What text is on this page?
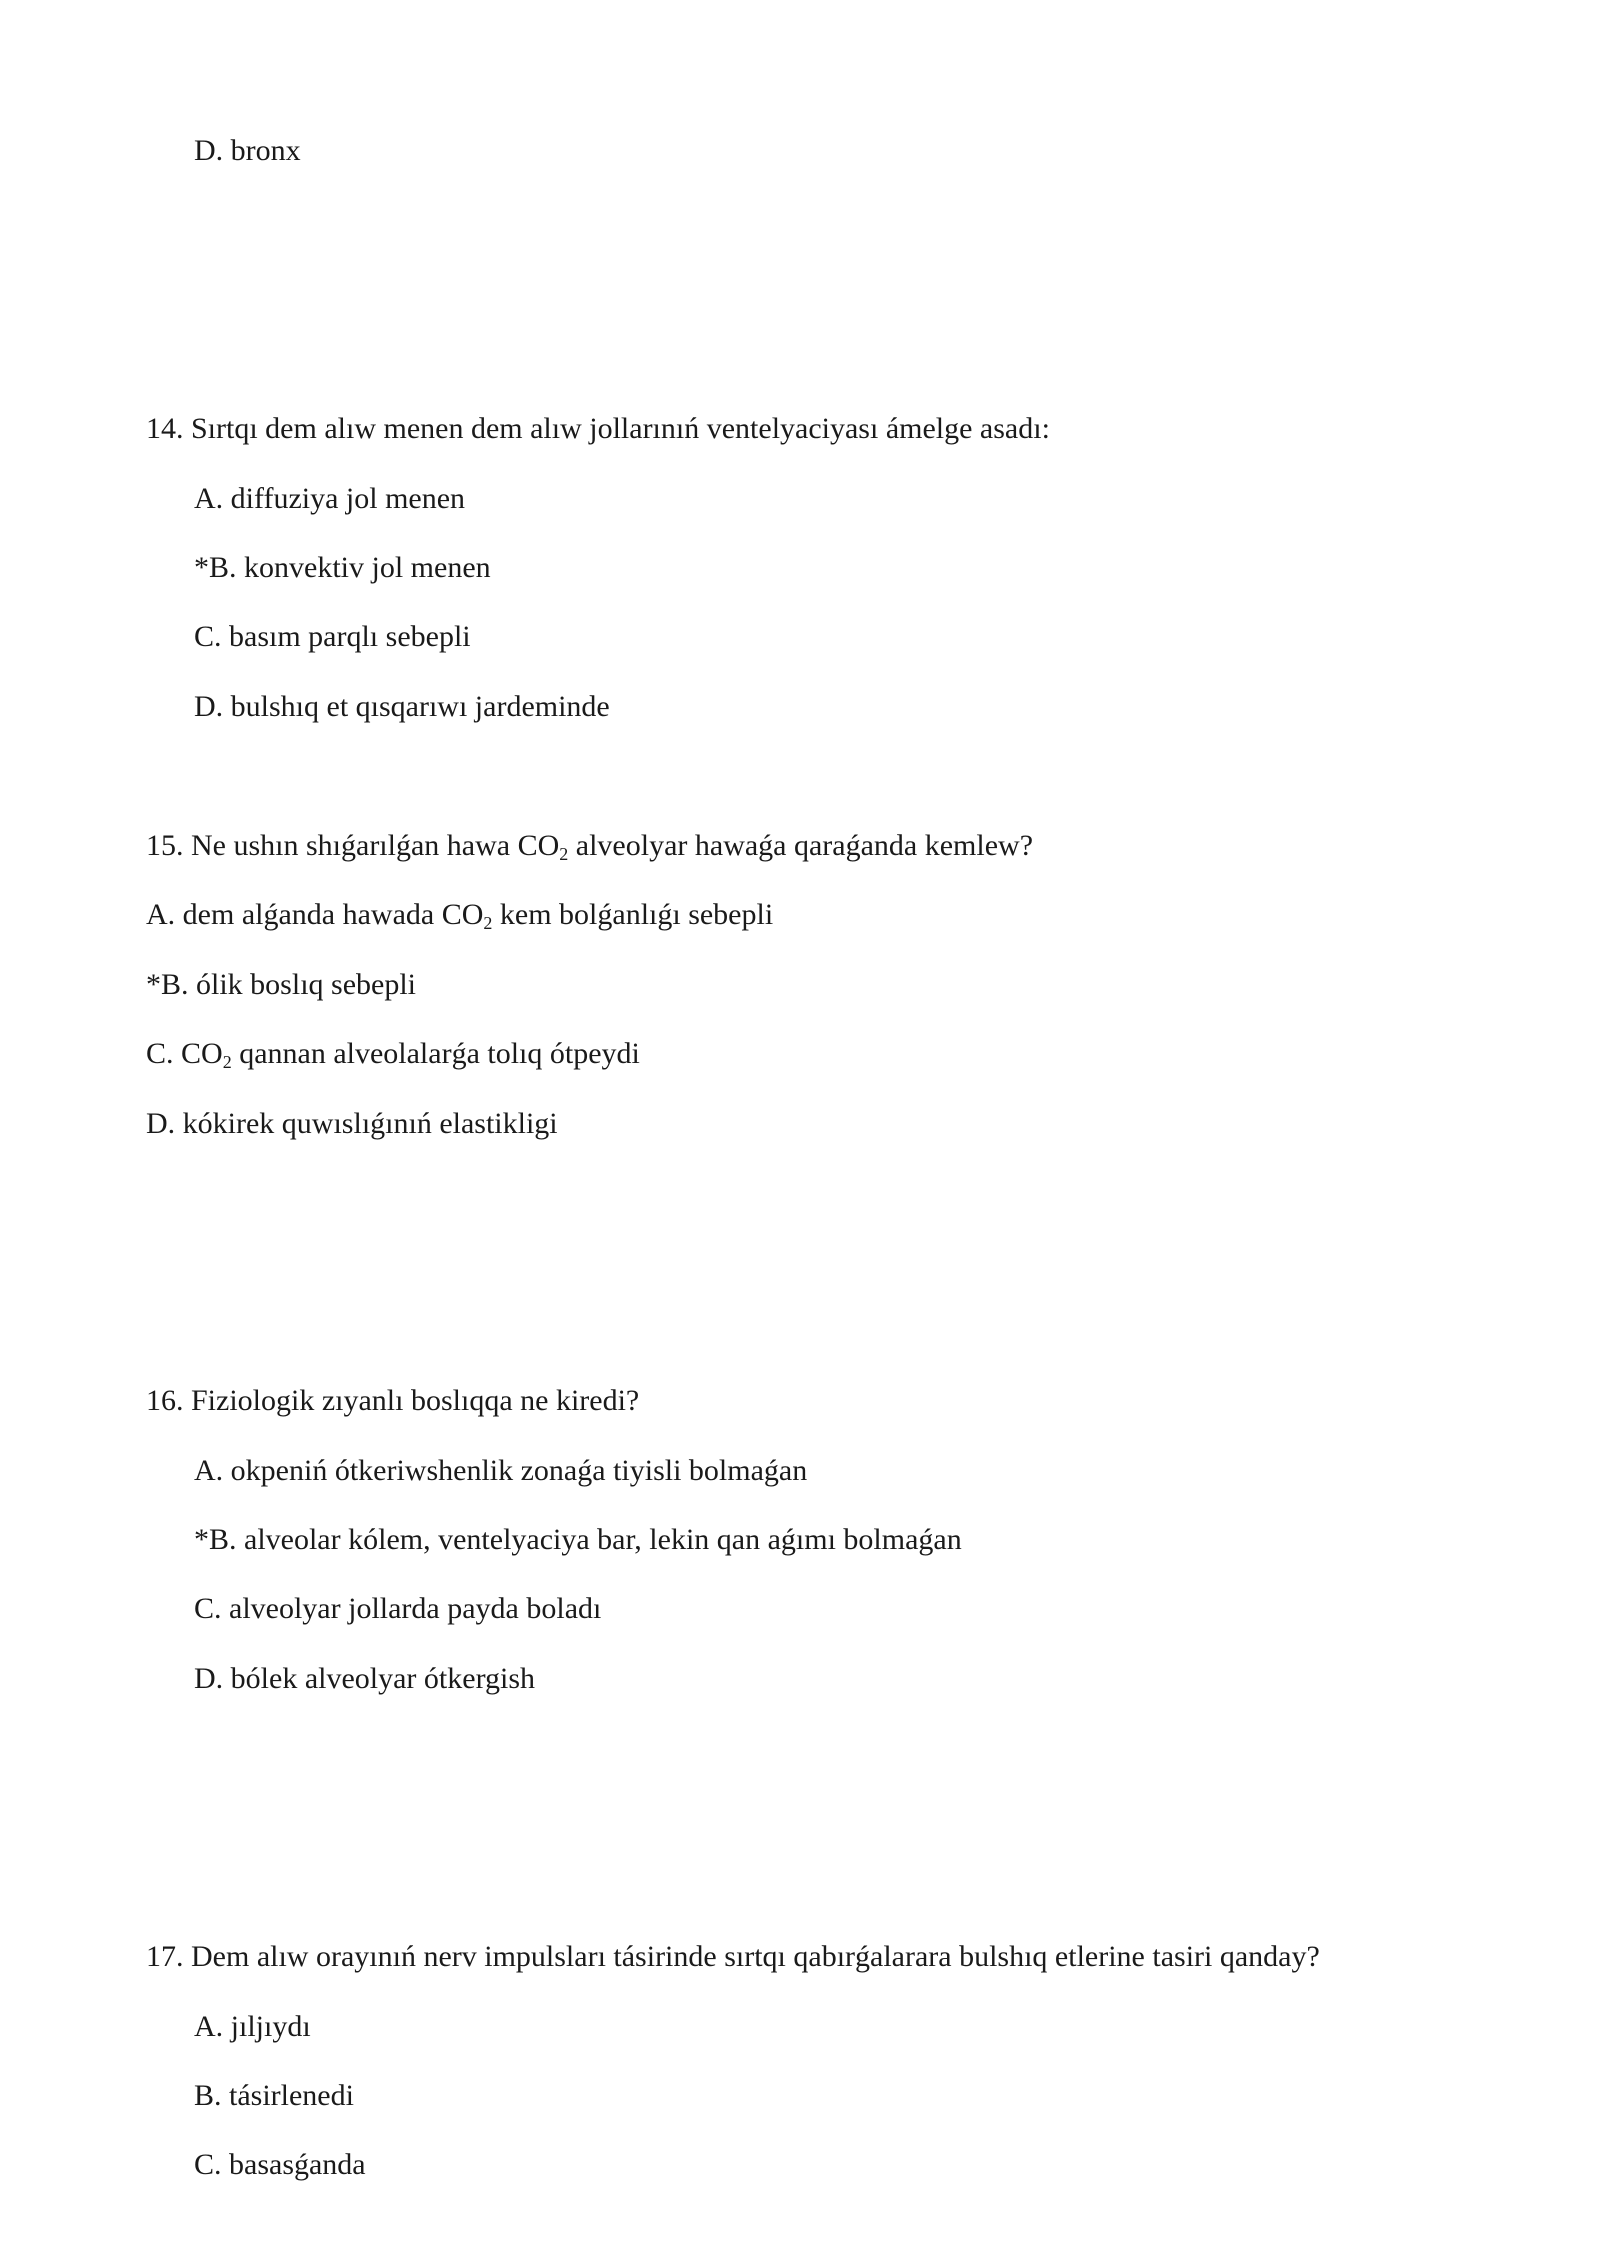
D. bronx
14. Sırtqı dem alıw menen dem alıw jollarınıń ventelyaciyası ámelge asadı:
A. diffuziya jol menen
*B. konvektiv jol menen
C. basım parqlı sebepli
D. bulshıq et qısqarıwı jardeminde
15. Ne ushın shıǵarılǵan hawa $CO_2$ alveolyar hawaǵa qaraǵanda kemlew?
A. dem alǵanda hawada $CO_2$ kem bolǵanlıǵı sebepli
*B. ólik boslıq sebepli
C. $CO_2$ qannan alveolalarǵa tolıq ótpeydi
D. kókirek quwıslıǵınıń elastikligi
16. Fiziologik zıyanlı boslıqqa ne kiredi?
A. okpeniń ótkeriwshenlik zonaǵa tiyisli bolmaǵan
*B. alveolar kólem, ventelyaciya bar, lekin qan aǵımı bolmaǵan
C. alveolyar jollarda payda boladı
D. bólek alveolyar ótkergish
17. Dem alıw orayınıń nerv impulsları tásirinde sırtqı qabırǵalarara bulshıq etlerine tasiri qanday?
A. jıljıydı
B. tásirlenedi
C. basasǵanda
